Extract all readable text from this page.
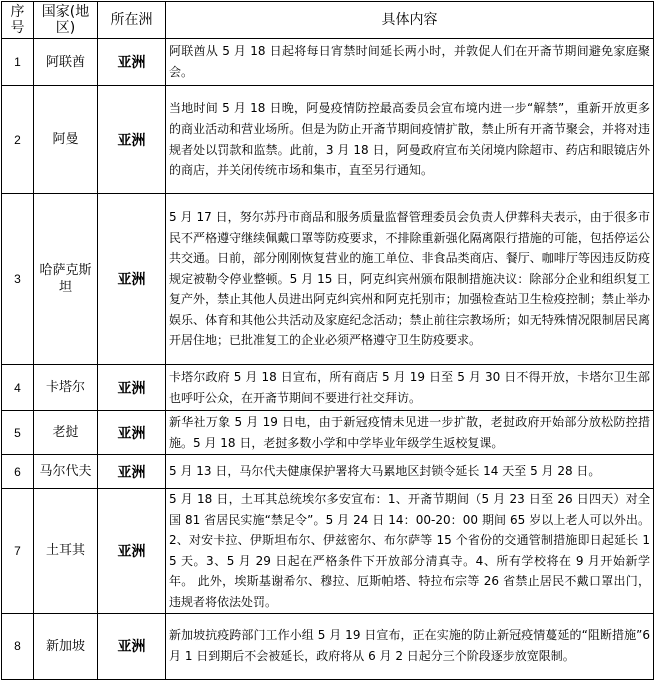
序号	国家(地区)	所在洲	具体内容
1	阿联酋	亚洲	阿联酋从 5 月 18 日起将每日宵禁时间延长两小时，并敦促人们在开斋节期间避免家庭聚会。
2	阿曼	亚洲	当地时间 5 月 18 日晚，阿曼疫情防控最高委员会宣布境内进一步“解禁”，重新开放更多的商业活动和营业场所。但是为防止开斋节期间疫情扩散，禁止所有开斋节聚会，并将对违规者处以罚款和监禁。此前，3 月 18 日，阿曼政府宣布关闭境内除超市、药店和眼镜店外的商店，并关闭传统市场和集市，直至另行通知。
3	哈萨克斯坦	亚洲	5 月 17 日，努尔苏丹市商品和服务质量监督管理委员会负责人伊葬科夫表示，由于很多市民不严格遵守继续佩戴口罩等防疫要求，不排除重新强化隔离限行措施的可能，包括停运公共交通。日前，部分刚刚恢复营业的施工单位、非食品类商店、餐厅、咖啡厅等因违反防疫规定被勒令停业整顿。5 月 15 日，阿克纠宾州颁布限制措施决议：除部分企业和组织复工复产外，禁止其他人员进出阿克纠宾州和阿克托别市；加强检查站卫生检疫控制；禁止举办娱乐、体育和其他公共活动及家庭纪念活动；禁止前往宗教场所；如无特殊情况限制居民离开居住地；已批准复工的企业必须严格遵守卫生防疫要求。
4	卡塔尔	亚洲	卡塔尔政府 5 月 18 日宣布，所有商店 5 月 19 日至 5 月 30 日不得开放，卡塔尔卫生部也呼吁公众，在开斋节期间不要进行社交拜访。
5	老挝	亚洲	新华社万象 5 月 19 日电，由于新冠疫情未见进一步扩散，老挝政府开始部分放松防控措施。5 月 18 日，老挝多数小学和中学毕业年级学生返校复课。
6	马尔代夫	亚洲	5 月 13 日，马尔代夫健康保护署将大马累地区封锁令延长 14 天至 5 月 28 日。
7	土耳其	亚洲	5 月 18 日，土耳其总统埃尔多安宣布：1、开斋节期间（5 月 23 日至 26 日四天）对全国 81 省居民实施“禁足令”。5 月 24 日 14：00-20：00 期间 65 岁以上老人可以外出。2、对安卡拉、伊斯坦布尔、伊兹密尔、布尔萨等 15 个省份的交通管制措施即日起延长 15 天。3、5 月 29 日起在严格条件下开放部分清真寺。4、所有学校将在 9 月开始新学年。 此外，埃斯基谢希尔、穆拉、厄斯帕塔、特拉布宗等 26 省禁止居民不戴口罩出门，违规者将依法处罚。
8	新加坡	亚洲	新加坡抗疫跨部门工作小组 5 月 19 日宣布，正在实施的防止新冠疫情蔓延的“阻断措施”6 月 1 日到期后不会被延长，政府将从 6 月 2 日起分三个阶段逐步放宽限制。
